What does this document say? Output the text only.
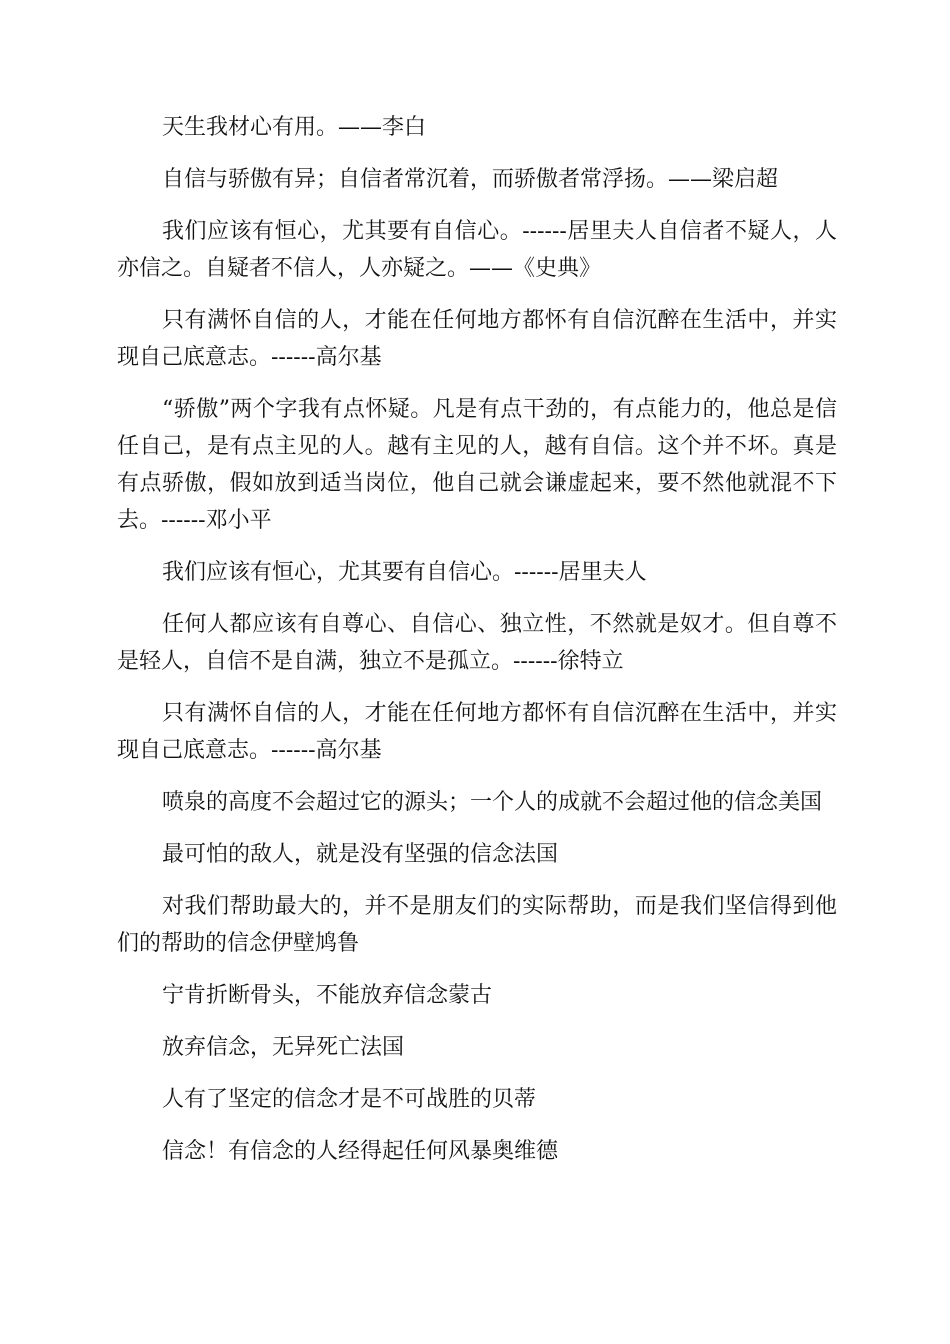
天生我材心有用。——李白

自信与骄傲有异；自信者常沉着，而骄傲者常浮扬。——梁启超

我们应该有恒心，尤其要有自信心。------居里夫人自信者不疑人，人亦信之。自疑者不信人，人亦疑之。——《史典》

只有满怀自信的人，才能在任何地方都怀有自信沉醉在生活中，并实现自己底意志。------高尔基

“骄傲”两个字我有点怀疑。凡是有点干劲的，有点能力的，他总是信任自己，是有点主见的人。越有主见的人，越有自信。这个并不坏。真是有点骄傲，假如放到适当岗位，他自己就会谦虚起来，要不然他就混不下去。------邓小平

我们应该有恒心，尤其要有自信心。------居里夫人

任何人都应该有自尊心、自信心、独立性，不然就是奴才。但自尊不是轻人，自信不是自满，独立不是孤立。------徐特立

只有满怀自信的人，才能在任何地方都怀有自信沉醉在生活中，并实现自己底意志。------高尔基

喷泉的高度不会超过它的源头；一个人的成就不会超过他的信念美国

最可怕的敌人，就是没有坚强的信念法国

对我们帮助最大的，并不是朋友们的实际帮助，而是我们坚信得到他们的帮助的信念伊壁鸠鲁

宁肯折断骨头，不能放弃信念蒙古

放弃信念，无异死亡法国

人有了坚定的信念才是不可战胜的贝蒂

信念！有信念的人经得起任何风暴奥维德
